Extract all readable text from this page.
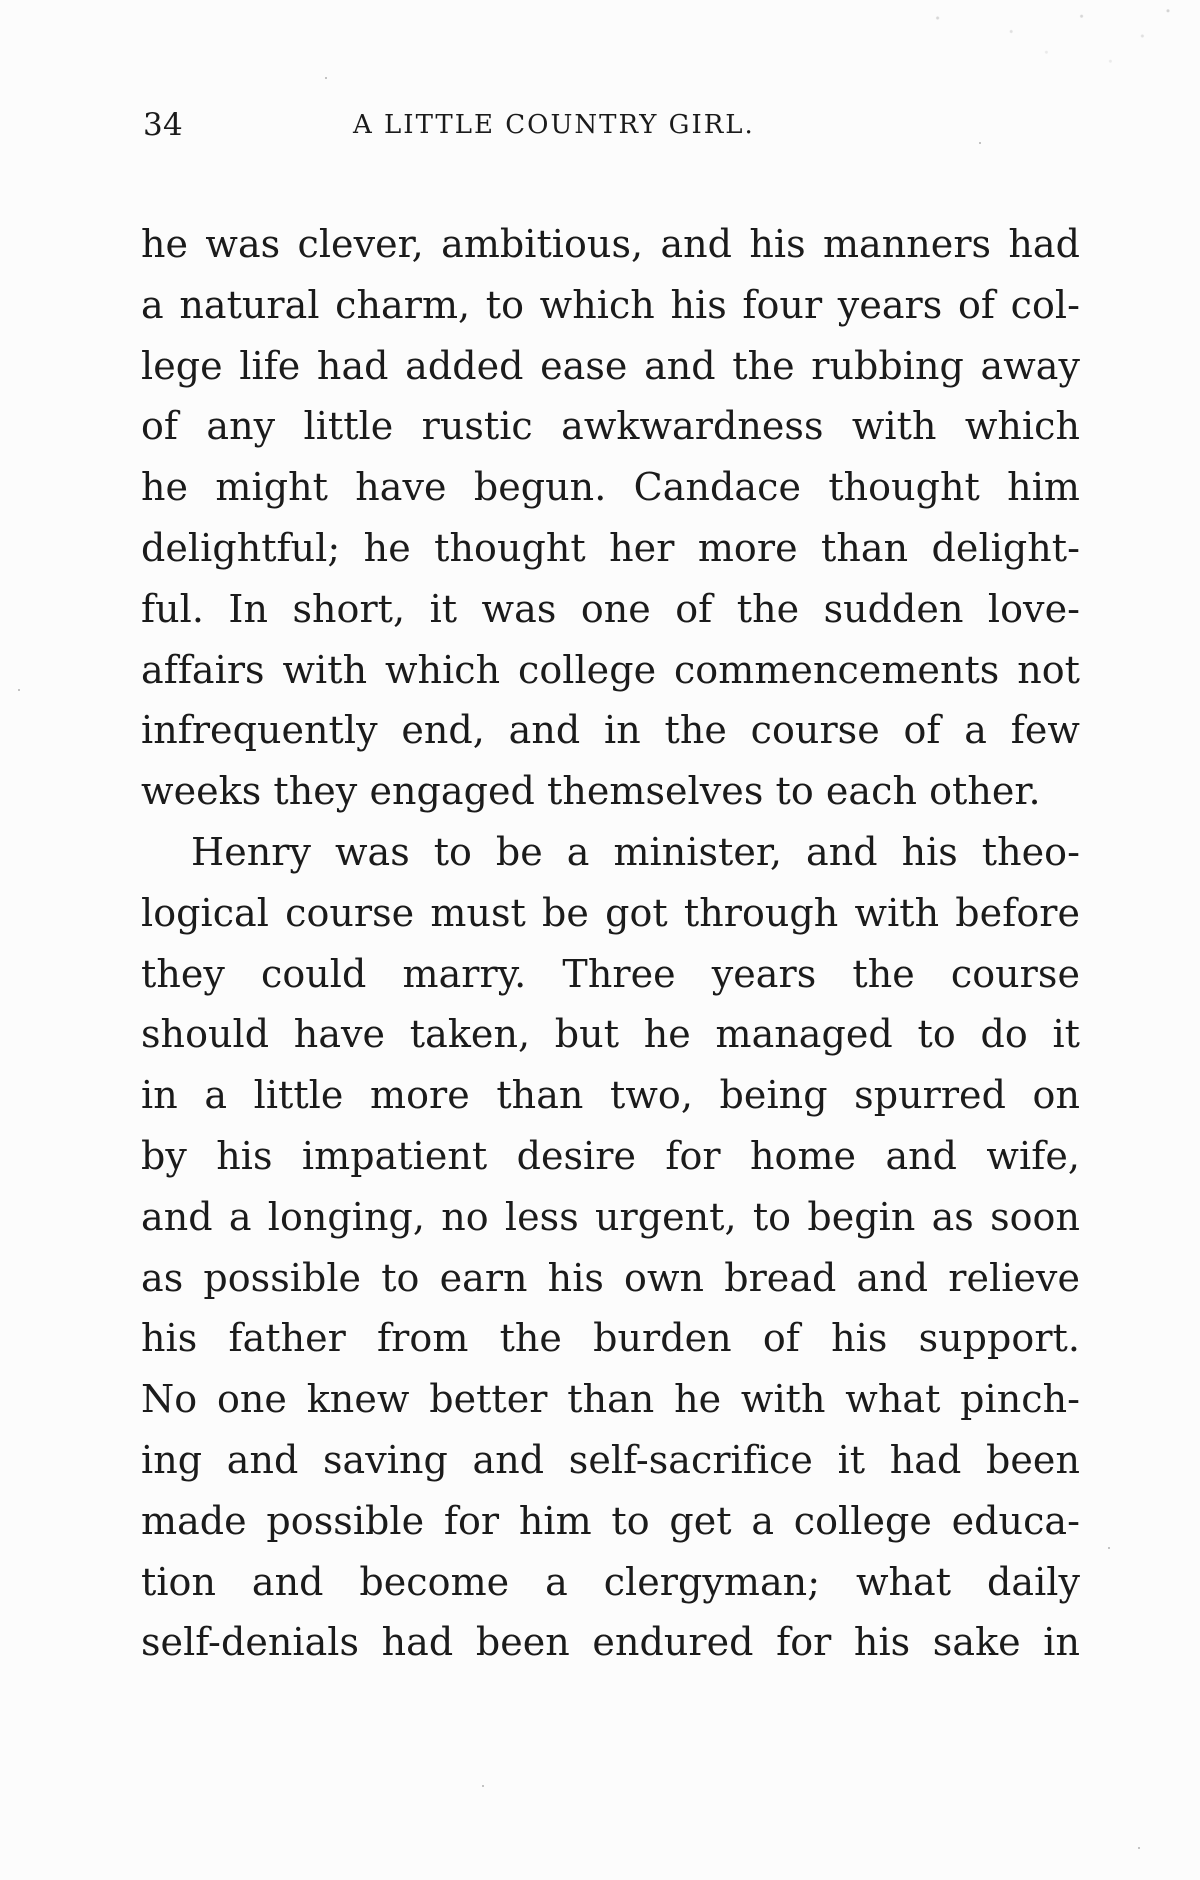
34	A LITTLE COUNTRY GIRL.
he was clever, ambitious, and his manners had
a natural charm, to which his four years of col-
lege life had added ease and the rubbing away
of any little rustic awkwardness with which
he might have begun. Candace thought him
delightful; he thought her more than delight-
ful. In short, it was one of the sudden love-
affairs with which college commencements not
infrequently end, and in the course of a few
weeks they engaged themselves to each other.
Henry was to be a minister, and his theo-
logical course must be got through with before
they could marry. Three years the course
should have taken, but he managed to do it
in a little more than two, being spurred on
by his impatient desire for home and wife,
and a longing, no less urgent, to begin as soon
as possible to earn his own bread and relieve
his father from the burden of his support.
No one knew better than he with what pinch-
ing and saving and self-sacrifice it had been
made possible for him to get a college educa-
tion and become a clergyman; what daily
self-denials had been endured for his sake in
